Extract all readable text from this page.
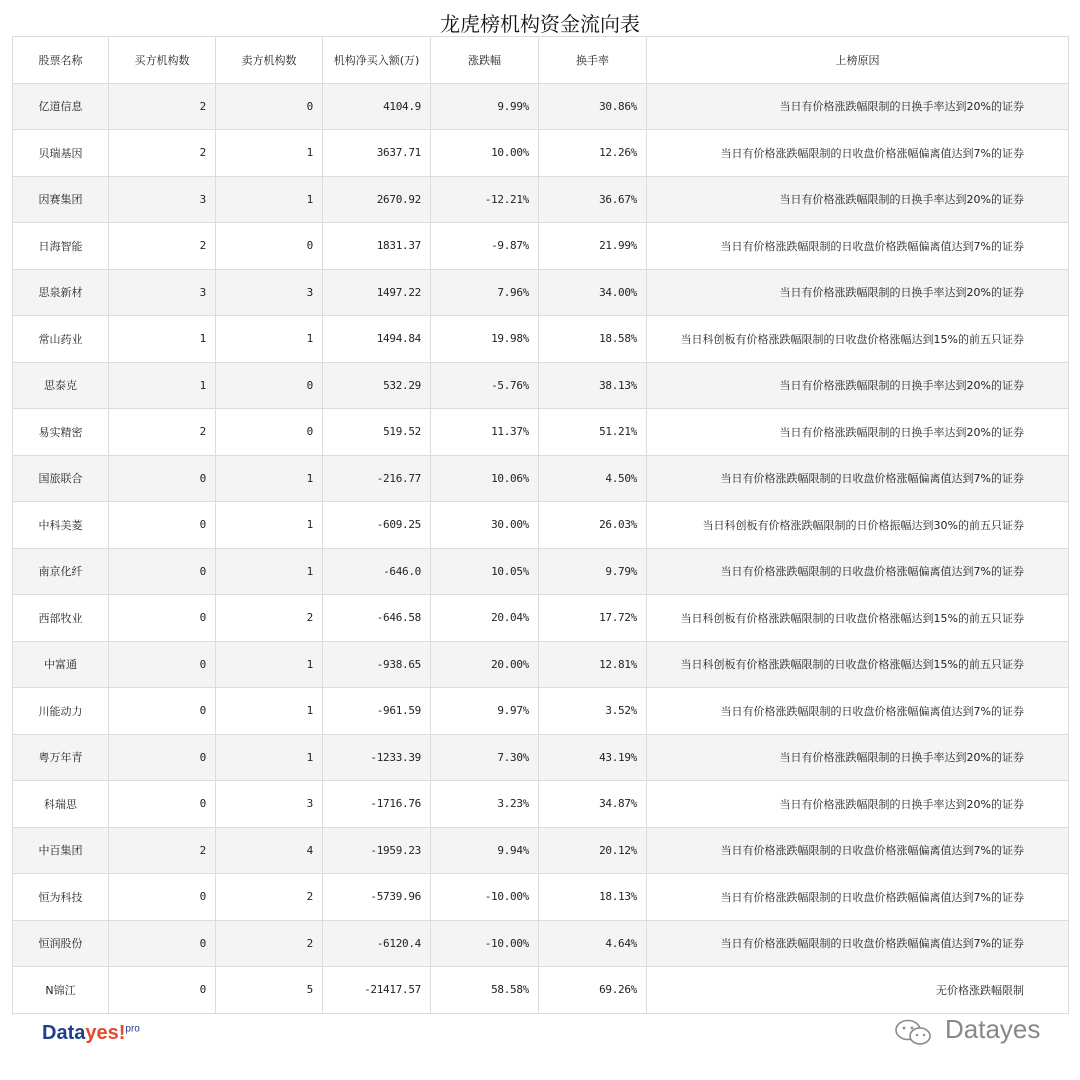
龙虎榜机构资金流向表
股票名称	买方机构数	卖方机构数	机构净买入额(万)	涨跌幅	换手率	上榜原因
亿道信息	2	0	4104.9	9.99%	30.86%	当日有价格涨跌幅限制的日换手率达到20%的证券
贝瑞基因	2	1	3637.71	10.00%	12.26%	当日有价格涨跌幅限制的日收盘价格涨幅偏离值达到7%的证券
因赛集团	3	1	2670.92	-12.21%	36.67%	当日有价格涨跌幅限制的日换手率达到20%的证券
日海智能	2	0	1831.37	-9.87%	21.99%	当日有价格涨跌幅限制的日收盘价格跌幅偏离值达到7%的证券
思泉新材	3	3	1497.22	7.96%	34.00%	当日有价格涨跌幅限制的日换手率达到20%的证券
常山药业	1	1	1494.84	19.98%	18.58%	当日科创板有价格涨跌幅限制的日收盘价格涨幅达到15%的前五只证券
思泰克	1	0	532.29	-5.76%	38.13%	当日有价格涨跌幅限制的日换手率达到20%的证券
易实精密	2	0	519.52	11.37%	51.21%	当日有价格涨跌幅限制的日换手率达到20%的证券
国旅联合	0	1	-216.77	10.06%	4.50%	当日有价格涨跌幅限制的日收盘价格涨幅偏离值达到7%的证券
中科美菱	0	1	-609.25	30.00%	26.03%	当日科创板有价格涨跌幅限制的日价格振幅达到30%的前五只证券
南京化纤	0	1	-646.0	10.05%	9.79%	当日有价格涨跌幅限制的日收盘价格涨幅偏离值达到7%的证券
西部牧业	0	2	-646.58	20.04%	17.72%	当日科创板有价格涨跌幅限制的日收盘价格涨幅达到15%的前五只证券
中富通	0	1	-938.65	20.00%	12.81%	当日科创板有价格涨跌幅限制的日收盘价格涨幅达到15%的前五只证券
川能动力	0	1	-961.59	9.97%	3.52%	当日有价格涨跌幅限制的日收盘价格涨幅偏离值达到7%的证券
粤万年青	0	1	-1233.39	7.30%	43.19%	当日有价格涨跌幅限制的日换手率达到20%的证券
科瑞思	0	3	-1716.76	3.23%	34.87%	当日有价格涨跌幅限制的日换手率达到20%的证券
中百集团	2	4	-1959.23	9.94%	20.12%	当日有价格涨跌幅限制的日收盘价格涨幅偏离值达到7%的证券
恒为科技	0	2	-5739.96	-10.00%	18.13%	当日有价格涨跌幅限制的日收盘价格跌幅偏离值达到7%的证券
恒润股份	0	2	-6120.4	-10.00%	4.64%	当日有价格涨跌幅限制的日收盘价格跌幅偏离值达到7%的证券
N锦江	0	5	-21417.57	58.58%	69.26%	无价格涨跌幅限制
Datayes!$^{pro}$	Datayes
